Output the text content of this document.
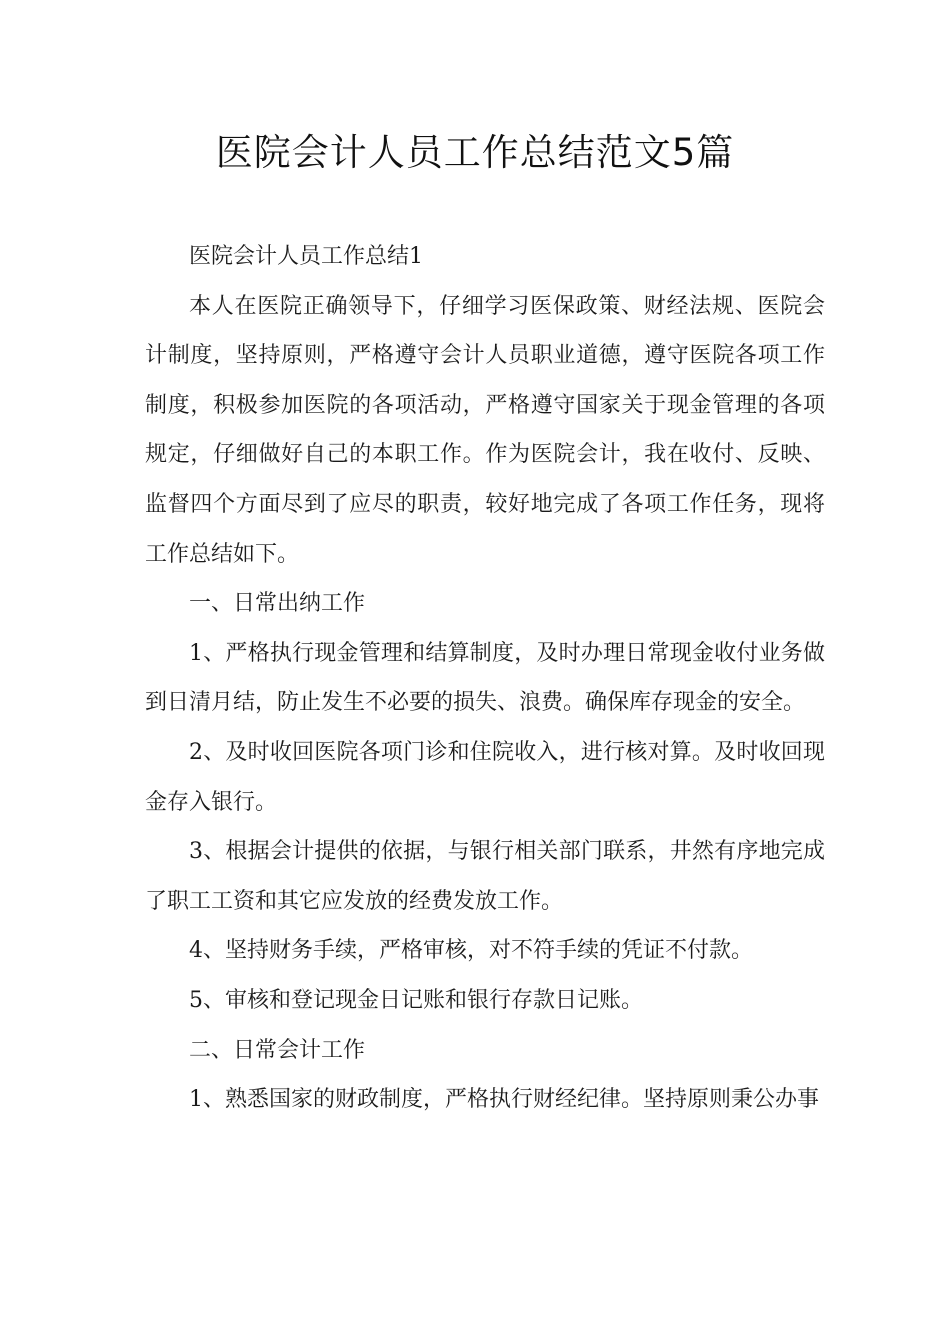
医院会计人员工作总结范文5篇

医院会计人员工作总结1

本人在医院正确领导下，仔细学习医保政策、财经法规、医院会计制度，坚持原则，严格遵守会计人员职业道德，遵守医院各项工作制度，积极参加医院的各项活动，严格遵守国家关于现金管理的各项规定，仔细做好自己的本职工作。作为医院会计，我在收付、反映、监督四个方面尽到了应尽的职责，较好地完成了各项工作任务，现将工作总结如下。

一、日常出纳工作

1、严格执行现金管理和结算制度，及时办理日常现金收付业务做到日清月结，防止发生不必要的损失、浪费。确保库存现金的安全。

2、及时收回医院各项门诊和住院收入，进行核对算。及时收回现金存入银行。

3、根据会计提供的依据，与银行相关部门联系，井然有序地完成了职工工资和其它应发放的经费发放工作。

4、坚持财务手续，严格审核，对不符手续的凭证不付款。

5、审核和登记现金日记账和银行存款日记账。

二、日常会计工作

1、熟悉国家的财政制度，严格执行财经纪律。坚持原则秉公办事
